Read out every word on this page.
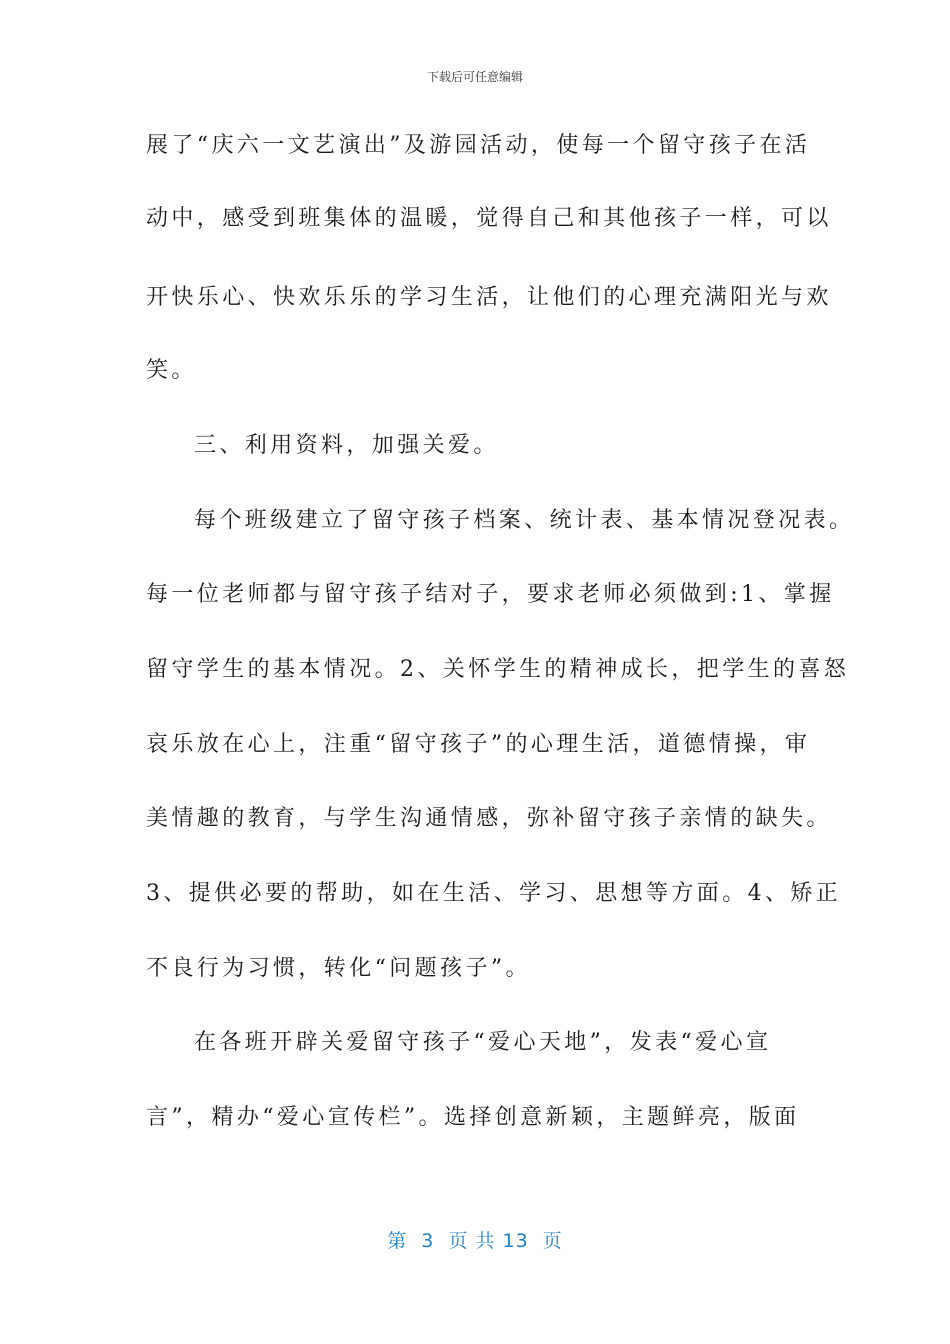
下载后可任意编辑
展了“庆六一文艺演出”及游园活动，使每一个留守孩子在活
动中，感受到班集体的温暖，觉得自己和其他孩子一样，可以
开快乐心、快欢乐乐的学习生活，让他们的心理充满阳光与欢
笑。
三、利用资料，加强关爱。
每个班级建立了留守孩子档案、统计表、基本情况登况表。
每一位老师都与留守孩子结对子，要求老师必须做到:1、掌握
留守学生的基本情况。2、关怀学生的精神成长，把学生的喜怒
哀乐放在心上，注重“留守孩子”的心理生活，道德情操，审
美情趣的教育，与学生沟通情感，弥补留守孩子亲情的缺失。
3、提供必要的帮助，如在生活、学习、思想等方面。4、矫正
不良行为习惯，转化“问题孩子”。
在各班开辟关爱留守孩子“爱心天地”，发表“爱心宣
言”，精办“爱心宣传栏”。选择创意新颖，主题鲜亮，版面
第  3  页 共 13  页
